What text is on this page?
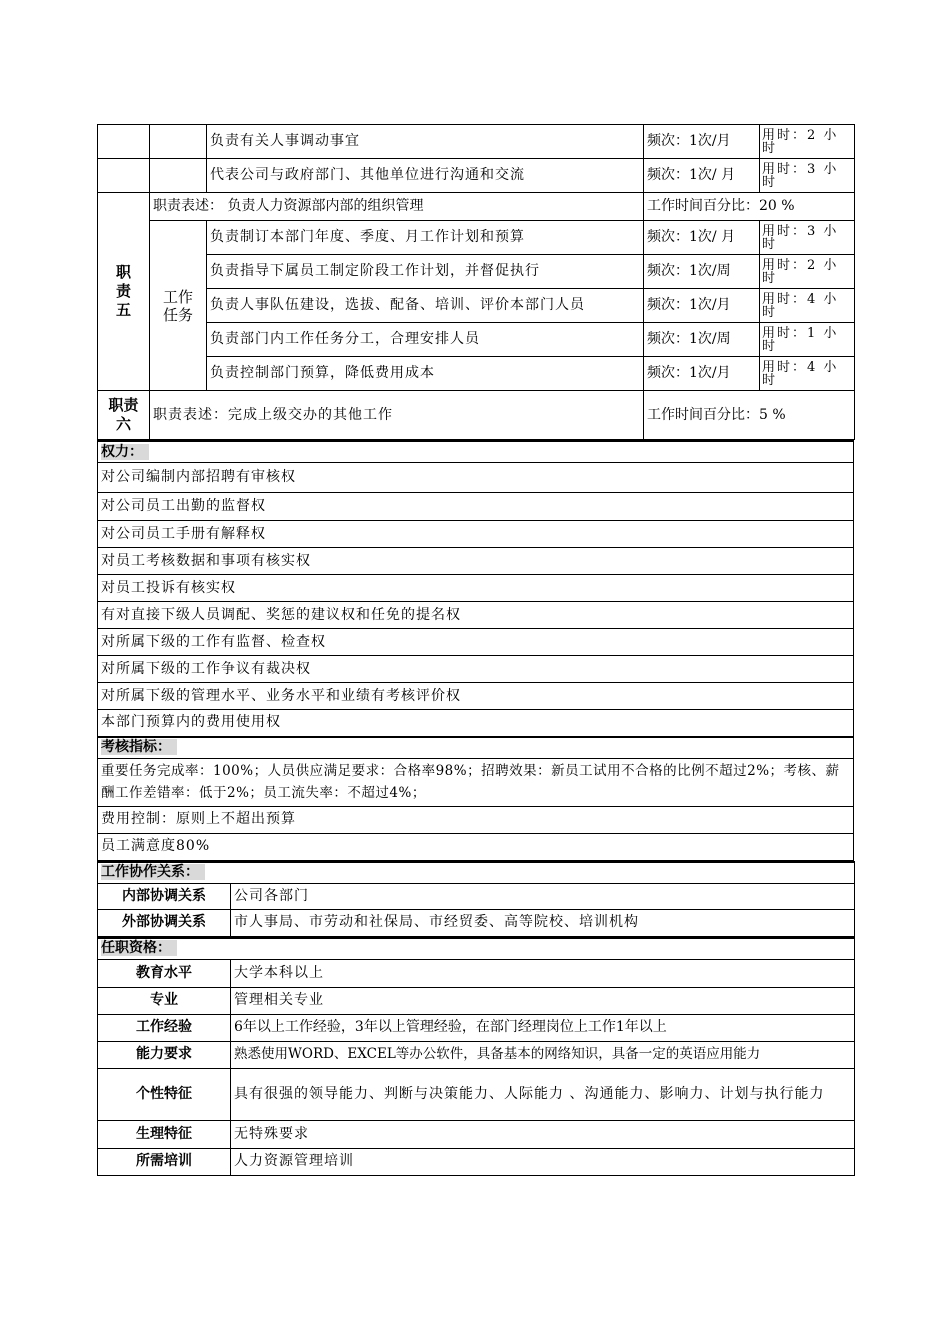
		负责有关人事调动事宜	频次：1次/月	用时：2 小时
		代表公司与政府部门、其他单位进行沟通和交流	频次：1次/ 月	用时：3 小时
职责五	职责表述： 负责人力资源部内部的组织管理		工作时间百分比：20 %	
	工作任务	负责制订本部门年度、季度、月工作计划和预算	频次：1次/ 月	用时：3 小时
		负责指导下属员工制定阶段工作计划，并督促执行	频次：1次/周	用时：2 小时
		负责人事队伍建设，选拔、配备、培训、评价本部门人员	频次：1次/月	用时：4 小时
		负责部门内工作任务分工，合理安排人员	频次：1次/周	用时：1 小时
		负责控制部门预算，降低费用成本	频次：1次/月	用时：4 小时
职责六	职责表述：完成上级交办的其他工作		工作时间百分比：5 %	
权力：
对公司编制内部招聘有审核权
对公司员工出勤的监督权
对公司员工手册有解释权
对员工考核数据和事项有核实权
对员工投诉有核实权
有对直接下级人员调配、奖惩的建议权和任免的提名权
对所属下级的工作有监督、检查权
对所属下级的工作争议有裁决权
对所属下级的管理水平、业务水平和业绩有考核评价权
本部门预算内的费用使用权
考核指标：
重要任务完成率：100%；人员供应满足要求：合格率98%；招聘效果：新员工试用不合格的比例不超过2%；考核、薪酬工作差错率：低于2%；员工流失率：不超过4%；
费用控制：原则上不超出预算
员工满意度80%
工作协作关系：	
内部协调关系	公司各部门
外部协调关系	市人事局、市劳动和社保局、市经贸委、高等院校、培训机构
任职资格：	
教育水平	大学本科以上
专业	管理相关专业
工作经验	6年以上工作经验，3年以上管理经验，在部门经理岗位上工作1年以上
能力要求	熟悉使用WORD、EXCEL等办公软件，具备基本的网络知识，具备一定的英语应用能力
个性特征	具有很强的领导能力、判断与决策能力、人际能力 、沟通能力、影响力、计划与执行能力
生理特征	无特殊要求
所需培训	人力资源管理培训
